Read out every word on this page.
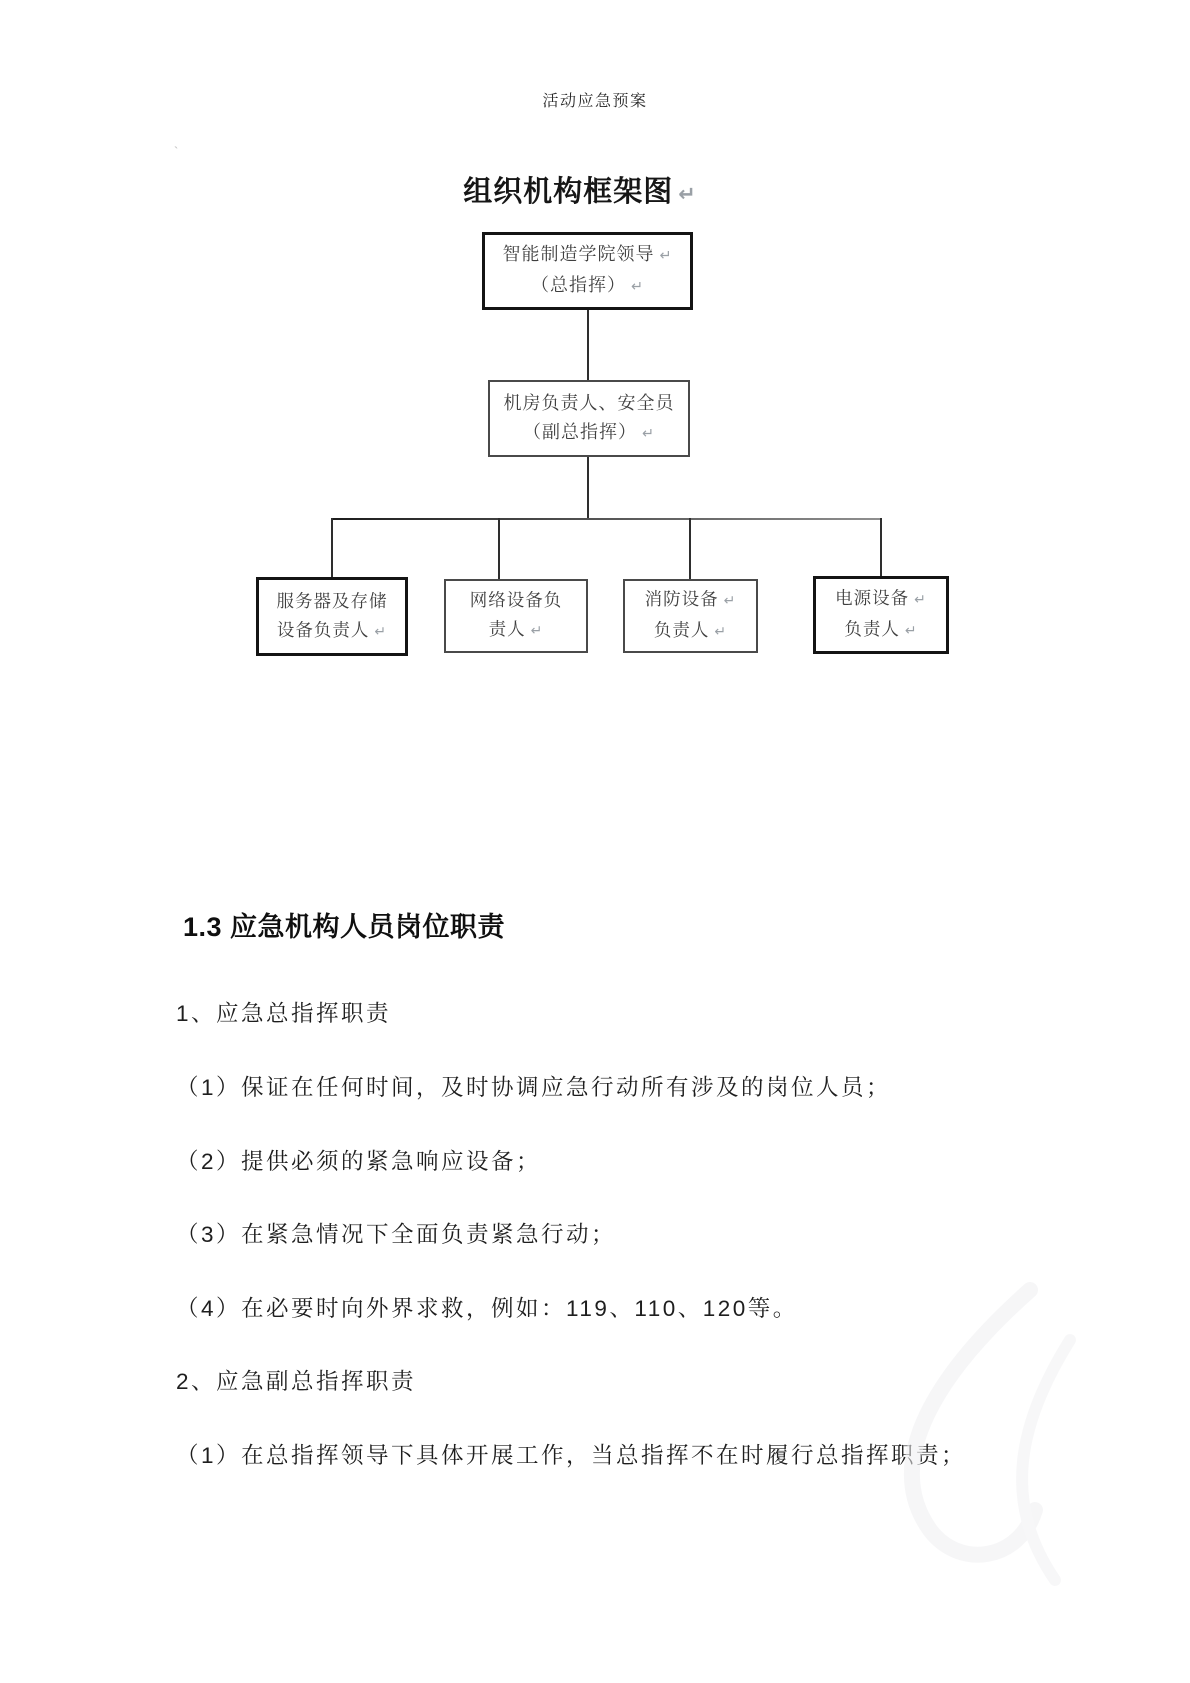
活动应急预案
`
组织机构框架图 ↵
智能制造学院领导 ↵
（总指挥） ↵
机房负责人、安全员
（副总指挥） ↵
服务器及存储
设备负责人 ↵
网络设备负
责人 ↵
消防设备 ↵
负责人 ↵
电源设备 ↵
负责人 ↵
1.3 应急机构人员岗位职责
1、应急总指挥职责
（1）保证在任何时间，及时协调应急行动所有涉及的岗位人员；
（2）提供必须的紧急响应设备；
（3）在紧急情况下全面负责紧急行动；
（4）在必要时向外界求救，例如：119、110、120等。
2、应急副总指挥职责
（1）在总指挥领导下具体开展工作，当总指挥不在时履行总指挥职责；
